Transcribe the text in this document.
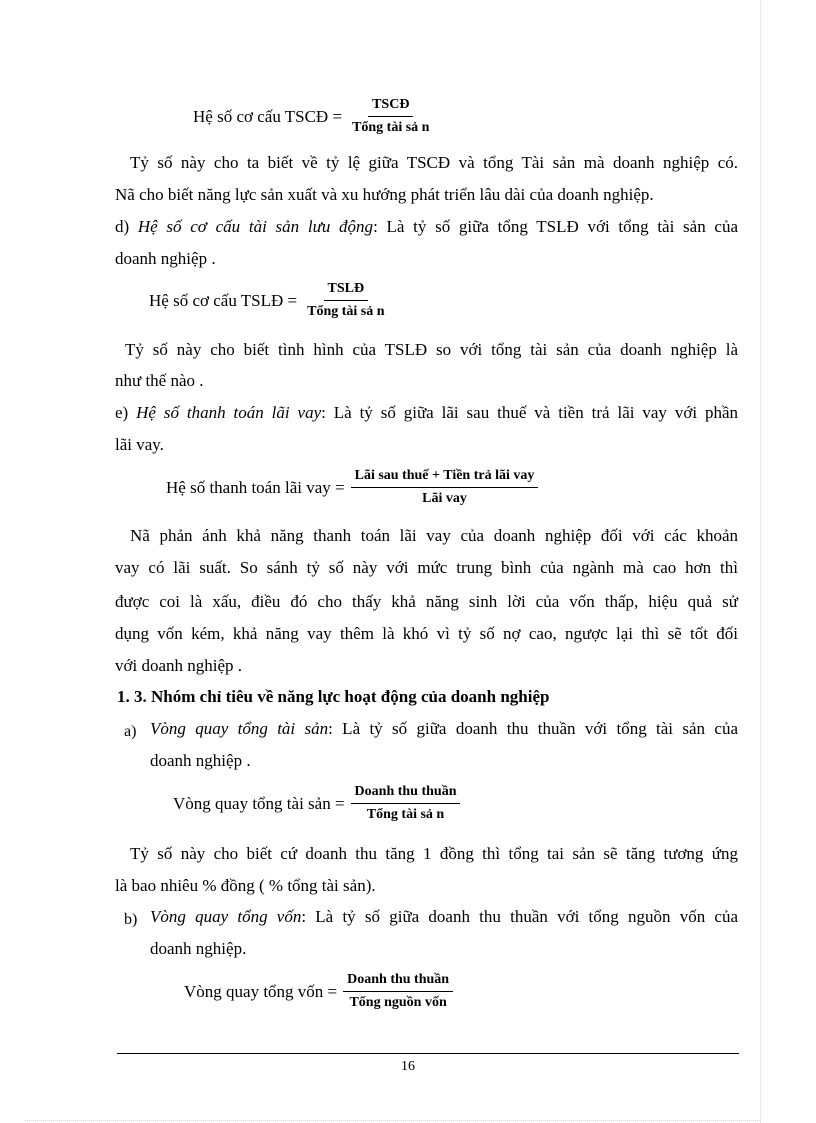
Hệ số cơ cấu TSCĐ = $\frac{\text{TSCĐ}}{\text{Tổng tài sả n}}$
Tỷ số này cho ta biết về tỷ lệ giữa TSCĐ và tổng Tài sản mà doanh nghiệp có.
Nã cho biết năng lực sản xuất và xu hướng phát triển lâu dài của doanh nghiệp.
d) Hệ số cơ cấu tài sản lưu động: Là tỷ số giữa tổng TSLĐ với tổng tài sản của
doanh nghiệp .
Hệ số cơ cấu TSLĐ = $\frac{\text{TSLĐ}}{\text{Tổng tài sả n}}$
Tỷ số này cho biết tình hình của TSLĐ so với tổng tài sản của doanh nghiệp là
như thế nào .
e) Hệ số thanh toán lãi vay: Là tỷ số giữa lãi sau thuế và tiền trả lãi vay với phần
lãi vay.
Hệ số thanh toán lãi vay = $\frac{\text{Lãi sau thuế + Tiền trả lãi vay}}{\text{Lãi vay}}$
Nã phản ánh khả năng thanh toán lãi vay của doanh nghiệp đối với các khoản
vay có lãi suất. So sánh tỷ số này với mức trung bình của ngành mà cao hơn thì
được coi là xấu, điều đó cho thấy khả năng sinh lời của vốn thấp, hiệu quả sử
dụng vốn kém, khả năng vay thêm là khó vì tỷ số nợ cao, ngược lại thì sẽ tốt đối
với doanh nghiệp .
1. 3. Nhóm chỉ tiêu về năng lực hoạt động của doanh nghiệp
a) Vòng quay tổng tài sản: Là tỷ số giữa doanh thu thuần với tổng tài sản của
doanh nghiệp .
Vòng quay tổng tài sản = $\frac{\text{Doanh thu thuần}}{\text{Tổng tài sả n}}$
Tỷ số này cho biết cứ doanh thu tăng 1 đồng thì tổng tai sản sẽ tăng tương ứng
là bao nhiêu % đồng ( % tổng tài sản).
b) Vòng quay tổng vốn: Là tỷ số giữa doanh thu thuần với tổng nguồn vốn của
doanh nghiệp.
Vòng quay tổng vốn = $\frac{\text{Doanh thu thuần}}{\text{Tổng nguồn vốn}}$
16
